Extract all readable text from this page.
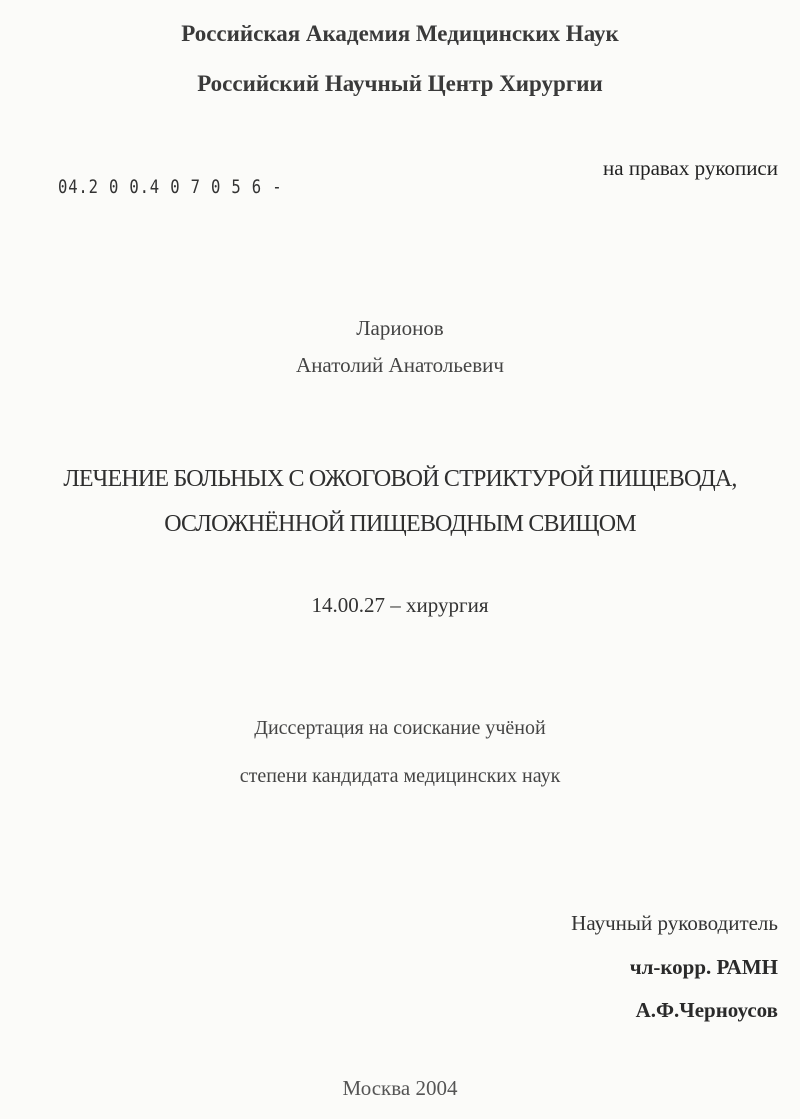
Российская Академия Медицинских Наук
Российский Научный Центр Хирургии
на правах рукописи
04.2 0 0.4 0 7 0 5 6 -
Ларионов
Анатолий Анатольевич
ЛЕЧЕНИЕ БОЛЬНЫХ С ОЖОГОВОЙ СТРИКТУРОЙ ПИЩЕВОДА,
ОСЛОЖНЁННОЙ ПИЩЕВОДНЫМ СВИЩОМ
14.00.27 – хирургия
Диссертация на соискание учёной
степени кандидата медицинских наук
Научный руководитель
чл-корр. РАМН
А.Ф.Черноусов
Москва 2004
